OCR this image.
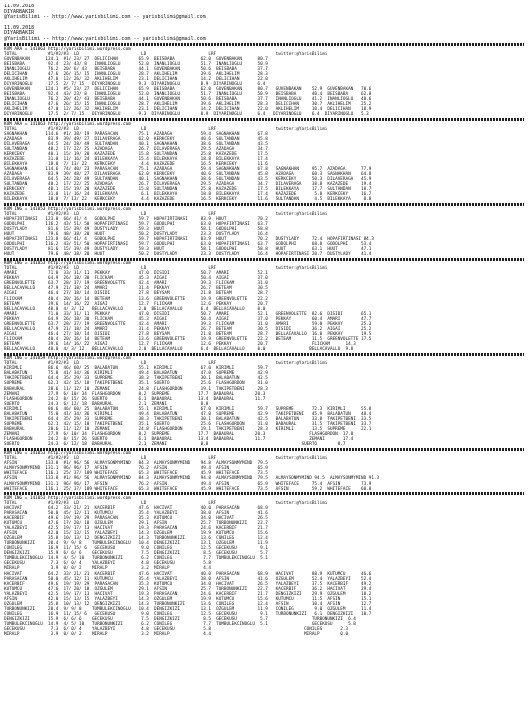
11.09.2018
DIYARBAKIR
@YarisBilimi -- http://www.yarisbilimi.com -- yarisbilimi@gmail.com
11.09.2018
DIYARBAKIR
@YarisBilimi -- http://www.yarisbilimi.com -- yarisbilimi@gmail.com
KUM ARA = 141063 http://yarisbilimi.wordpress.com
TOTAL            #1/#2/#3  LD                        LD                        LRF                       twitter:@YarisBilimi
GUVENBAKAN      124.1  #1/ 23/ 27  DELICIHAN        65.9  BEISBABA          62.0  GUVENBAKAN      80.7
BEISBABA         92.4  23/ 43/ 8   INANLIOGLU       52.0  INANLIOGLU        51.7  INANLIOGLU      50.9
INANLIOGLU       76.2  20/ 6/ 43   BEISBABA         44.1  GUVENBAKAN        50.6  BEISBABA        37.7
DELICIHAN        47.6  26/ 15/ 15  INANLIOGLU       28.7  AKLIHELIM         39.6  AKLIHELIM       28.3
AKLIHELIM        47.0  12/ 26/ 32  AKLIHELIM        23.1  DELICIHAN         14.2  DELICIHAN       22.0
DIYARINOGLU      17.5  2/ 7/ 15   DIYARINOGLU       9.3  DIYARINOGLU        8.9  DIYARINOGLU      6.4
GUVENBAKAN      124.1  #5/ 23/ 27  DELICIHAN        65.9  BEISBABA          62.0  GUVENBAKAN      80.7   GUVENBAKAN    52.9  GUVENBAKAN   78.6
BEISBABA         92.4  43/ 23/ 8   INANLIOGLU       52.0  INANLIOGLU        51.7  INANLIOGLU      50.9   BEISBABA      40.4  BEISBABA     62.8
INANLIOGLU       76.2  20/ 42/ 43  BEISBABA         44.1  GUVENBAKAN        50.6  BEISBABA        37.7   INANLIOGLU    41.2  INANLIOGLU   40.6
DELICIHAN        47.6  26/ 15/ 15  INANLIOGLU       28.7  AKLIHELIM         39.6  AKLIHELIM       28.3   DELICIHAN     30.7  AKLIHELIM    25.2
AKLIHELIM        47.0  12/ 26/ 32  AKLIHELIM        23.1  DELICIHAN         14.2  DELICIHAN       22.0   AKLIHELIM     10.4  DELICIHAN    18.9
DIYARINOGLU      17.5  2/ 7/ 15   DIYARINOGLU       9.3  DIYARINOGLU        8.9  DIYARINOGLU      6.4   DIYARINOGLU    6.4  DIYARINOGLU   5.3
KUM ARA = 141063 http://yarisbilimi.wordpress.com
TOTAL            #1/#2/#3  LD                        LD                        LRF                       twitter:@YarisBilimi
SAGNAKHAN       114.6  #1/ 38/ 19  PARASACAN        75.1  AZADAGA           59.4  SAGNAKHAN       67.8
AZADAGA          83.9  39/ 49/ 27  DILAVERAGA       62.0  KERKCEKY          40.6  SULTANDAN       45.8
DILAVERAGA       64.5  24/ 28/ 49  SULTANDAN        40.1  SAGNAKHAN         38.6  SULTANDAN       43.5
SULTANDAN        48.2  17/ 22/ 25  AZADAGA          26.7  DILAVERAGA        29.5  AZADAGA         34.7
KERKCEKY         40.1  15/ 19/ 20  KAZAZEDE         15.8  SULTANDAN         25.8  KAZAZEDE        17.5
KAZAZEDE         31.0  11/ 16/ 24  BILEKKAYA        15.4  BILEKKAYA         18.8  BILEKKAYA       17.4
BILEKKAYA        18.8  7/ 13/ 22   KERKCEKY          4.4  KAZAZEDE          16.5  KERKCEKY        11.6
SAGNAKHAN       114.6  74/ 40/ 23  PARASACAN        75.1  AZADAGA           59.4  SAGNAKHAN       67.8   SAGNAKHAN     95.7  AZADAGA      77.9
AZADAGA          83.9  39/ 48/ 27  DILAVERAGA       62.0  KERKCEKY          40.6  SULTANDAN       45.8   AZADAGA       60.3  SAGNAKHAN    64.8
DILAVERAGA       64.5  24/ 28/ 49  SULTANDAN        40.1  SAGNAKHAN         38.6  SULTANDAN       43.5   KERKCEKY      50.3  DILAVERAGA   45.9
SULTANDAN        48.2  17/ 22/ 25  AZADAGA          26.7  DILAVERAGA        29.5  AZADAGA         34.7   DILAVERAGA    38.8  KAZAZEDE     19.4
KERKCEKY         40.1  15/ 19/ 20  KAZAZEDE         15.8  SULTANDAN         25.8  KAZAZEDE        17.5   BILEKKAYA     17.7  SULTANDAN    18.7
KAZAZEDE         31.0  11/ 16/ 24  BILEKKAYA         6.1  BILEKKAYA         18.8  BILEKKAYA       17.4   KAZAZEDE       5.8  KERKCEKY     16.7
BILEKKAYA        18.8  7/ 13/ 22   KERKCEKY          4.4  KAZAZEDE          16.5  KERKCEKY        11.6   SULTANDAN      4.5  BILEKKAYA     0.0
KUM ING = 141053 http://yarisbilimi.wordpress.com
TOTAL            #1/#2/#3  LD                        LD                        LRF                       twitter:@YarisBilimi
HOPAFIRTINASI   123.8  66/ 41/ 4   GODOLPHI         59.7  HOPAFIRTINASI     83.9  HUUT            70.2
GODOLPHI        116.2  43/ 51/ 50  HOPAFIRTINASI    59.7  GODOLPHI          63.0  HOPAFIRTINASI   63.7
DUSTYLADY        81.6  15/ 39/ 49  DUSTYLADY        59.3  HUUT              58.1  GODOLPHI        58.8
HUUT             79.6  48/ 38/ 20  HUUT             50.2  DUSTYLADY         23.3  DUSTYLADY       16.4
HOPAFIRTINASI   123.8  66/ 41/ 4   GODOLPHI         59.7  HOPAFIRTINASI     83.9  HUUT            70.2   DUSTYLADY     72.4  HOPAFIRTINASI 84.3
GODOLPHI        116.2  43/ 51/ 50  HOPAFIRTINASI    59.7  GODOLPHI          63.0  HOPAFIRTINASI   63.7   GODOLPHI      68.8  GODOLPHI     53.4
DUSTYLADY        81.6  15/ 39/ 49  DUSTYLADY        59.3  HUUT              58.1  GODOLPHI        58.8   HUUT          63.1  HUUT         47.1
HUUT             79.6  48/ 38/ 20  HUUT             50.2  DUSTYLADY         23.3  DUSTYLADY       16.4   HOPAFIRTINASI 20.7  DUSTYLADY    41.4
KUM ING = 141053 http://yarisbilimi.wordpress.com
TOTAL            #1/#2/#3  LD                        LD                        LRF                       twitter:@YarisBilimi
AMARI            71.0  33/ 31/ 11  PEKKAY           47.0  DISIDI            50.7  AMARI           52.1
PEKKAY           64.9  26/ 18/ 30  FLICKAM          45.3  AIGAI             50.4  AIGAI           37.0
GREENVOLETTE     63.7  28/ 37/ 19  GREENVOLETTE     42.4  AMARI             39.3  FLICKAM         31.0
BELLACAVALLO     47.9  21/ 18/ 24  AMARI            31.4  PEKKAY            26.7  BETEAM          30.5
AIGAI            46.4  27/ 18/ 14  DISIDI           27.8  BEYSAM            21.8  BETEAM          28.7
FLICKAM          40.4  20/ 16/ 14  BETEAM           13.6  GREENVOLETTE      19.9  GREENVOLETTE    22.2
BETEAM           39.6  14/ 16/ 22  AIGAI            12.7  FLICKAM           12.6  PEKKAY          20.7
BELLACAVALLO     40.0  4/ 3/ 12   BELLACAVALLO      2.0  BELLACAVALLO       6.4  BELLACAVALLO     0.0
AMARI            71.0  33/ 31/ 11  PEKKAY           47.0  DISIDI            50.7  AMARI           52.1   GREENVOLETTE  82.6  DISIDI       65.1
PEKKAY           64.9  26/ 18/ 30  FLICKAM          45.3  AIGAI             50.4  AIGAI           37.0   PEKKAY        60.4  AMARI        47.7
GREENVOLETTE     63.7  28/ 37/ 19  GREENVOLETTE     42.4  AMARI             39.3  FLICKAM         31.0   AMARI         59.8  PEKKAY       25.3
BELLACAVALLO     47.9  21/ 18/ 24  AMARI            31.4  PEKKAY            26.7  BETEAM          30.5   DISIDI        36.2  AIGAI        25.2
AIGAI            46.4  27/ 18/ 14  DISIDI           27.8  BEYSAM            21.8  BETEAM          28.7   BELLACAVALLO  16.0  PEKKAY       19.5
FLICKAM          40.4  20/ 16/ 14  BETEAM           13.6  GREENVOLETTE      19.9  GREENVOLETTE    22.2   BETEAM        11.5  GREENVOLETTE 17.5
BETEAM           39.6  14/ 16/ 22  AIGAI            12.7  FLICKAM           12.6  PEKKAY          20.7                 FLICKAM      14.3
BELLACAVALLO     40.0  4/ 3/ 12   BELLACAVALLO      2.0  BELLACAVALLO       6.4  BELLACAVALLO     0.0                 BELLACAVALLO  9.8
KUM ING = 141059 http://yarisbilimi.wordpress.com
TOTAL            #1/#2/#3  LD                        LD                        LRF                       twitter:@YarisBilimi
KIRIMLI          86.6  46/ 60/ 25  BALABATUN        55.1  KIRIMLI           67.0  KIRIMLI         59.7
BALABATUN        75.0  41/ 34/ 36  KIRIMLI          49.4  BALABATUN         47.0  SUPREME         42.9
TAKIPETBENI      64.4  35/ 29/ 33  SUPREME          38.3  TAKIPETBENI       30.1  BALABATUN       42.5
SUPREME          62.1  42/ 15/ 18  TAKIPETBENI      35.1  SUERTO            25.6  FLASHGORDON     31.0
BABAURAL         28.6  11/ 12/ 10  ZEMANI           24.8  FLASHGORDON       19.1  TAKIPETBENI     28.3
ZEMANI           27.9  6/ 10/ 34  FLASHGORDON       8.2  SUPREME           17.7  BABAURAL        20.3
FLASHGORDON      24.2  8/ 15/ 26  SUERTO            6.1  BABAURAL          13.4  BABAURAL        11.7
SUERTO           24.3  6/ 12/ 18  BABAURAL          2.1  ZEMANI             8.8
KIRIMLI          86.6  46/ 60/ 25  BALABATUN        55.1  KIRIMLI           67.0  KIRIMLI         59.7   SUPREME       72.3  KIRIMLI      55.8
BALABATUN        75.0  41/ 34/ 36  KIRIMLI          49.4  BALABATUN         47.0  SUPREME         42.9   TAKIPETBENI   45.9  BALABATUN    40.4
TAKIPETBENI      64.4  35/ 29/ 33  SUPREME          38.3  TAKIPETBENI       30.1  BALABATUN       42.5   BALABATUN     33.8  TAKIPETBENI  33.5
SUPREME          62.1  42/ 15/ 18  TAKIPETBENI      35.1  SUERTO            25.6  FLASHGORDON     31.0   BABAURAL      31.5  TAKIPETBENI  33.7
BABAURAL         28.6  11/ 12/ 10  ZEMANI           24.8  FLASHGORDON       19.1  TAKIPETBENI     28.3   KIRIMLI       13.5  SUPREME      22.1
ZEMANI           27.9  6/ 10/ 34  FLASHGORDON       8.2  SUPREME           17.7  BABAURAL        20.3                 FLASHGORDON  17.8
FLASHGORDON      24.2  8/ 15/ 26  SUERTO            6.1  BABAURAL          13.4  BABAURAL        11.7                 ZEMANI       17.4
SUERTO           24.3  6/ 12/ 18  BABAURAL          2.1  ZEMANI             8.8                                    SUERTO        8.7
KUM ING = 141053 http://yarisbilimi.wordpress.com
TOTAL            #1/#2/#3  LD                        LD                        LRF                       twitter:@YarisBilimi
AFSIN           133.8  #1/ 96/ 56  ALMAYSONMYMIND   84.3  ALMAYSONMYMIND    94.8  ALMAYSONMYMIND  79.5
ALMAYSONMYMIND  131.1  96/ 96/ 17  AFSIN            76.2  AFSIN             49.4  AFSIN           65.9
WHITEFACE       116.1  25/ 37/ 109 WHITEFACE        65.3  WHITEFACE         45.9  WHITEFACE       73.5
AFSIN           133.8  #1/ 96/ 56  ALMAYSONMYMIND   84.3  ALMAYSONMYMIND    94.8  ALMAYSONMYMIND  79.5   ALMAYSONMYMIND 94.5  ALMAYSONMYMIND 91.3
ALMAYSONMYMIND  131.1  96/ 96/ 17  AFSIN            76.2  AFSIN             49.4  AFSIN           65.9   WHITEFACE     75.4  AFSIN        73.9
WHITEFACE       116.1  25/ 37/ 109 WHITEFACE        65.3  WHITEFACE         45.9  WHITEFACE       73.5   AFSIN         59.2  WHITEFACE    60.8
KUM ING = 141053 http://yarisbilimi.wordpress.com
TOTAL            #1/#2/#3  LD                        LD                        LRF                       twitter:@YarisBilimi
HACIVAT          64.2  33/ 21/ 21  KACERBIF         47.6  HACIVAT           40.0  PARASACAN       68.9
PARASACAN        50.0  45/ 12/ 11  KUTUMCU          35.4  YALAZBEYI         38.0  AFSIN           41.6
KACERBIF         49.6  19/ 19/ 29  PARASACAN        35.3  KUTUMCU           34.0  HACIVAT         26.5
KUTUMCU          47.6  17/ 20/ 18  OZGULEM          29.1  AFSIN             25.7  TURBONUNKIZI    22.7
YALAZBEYI        42.5  19/ 17/ 13  HACIVAT          19.3  PARASACAN         24.6  KACERBIF        21.7
AFSIN            42.0  15/ 13/ 15  YALAZBEYI        14.3  OZGULEM           19.9  KUTUMCU         15.6
OZGULEM          35.8  10/ 13/ 12  DENGIZKIZI       14.3  TURBONUNKIZI      13.6  CONILEG         12.4
TURBONUNKIZI     20.4  9/ 9/ 8    TUMBULEKCINOGLU   10.4  DENGIZKIZI        13.1  OZGULEM         11.9
CONILEG          16.9  11/ 15/ 6   GECEKUSU          9.0  CONILEG           12.5  GECEKUSU         9.1
DENGIZKIZI       15.9  6/ 6/ 6    GECEKUSU           7.5  DENGIZKIZI         8.5  GECEKUSU         5.7
TUMBULEKCINOGLU  14.9  4/ 5/ 10   TURBONUNKIZI       6.2  CONILEG            7.7  TUMBULEKCINOGLU  5.1
GECEKUSU          7.3  6/ 0/ 4    YALAZBEYI          4.8  GECEKUSU           5.8
MIRALP            3.9  0/ 0/ 2    MIRALP             3.2  MIRALP             4.4
HACIVAT          64.2  33/ 21/ 21  KACERBIF         47.6  HACIVAT           40.0  PARASACAN       68.9   HACIVAT       88.9  KUTUMCU      46.6
PARASACAN        50.0  45/ 12/ 11  KUTUMCU          35.4  YALAZBEYI         38.0  AFSIN           41.6   OZGULEM       52.4  YALAZBEYI    52.4
KACERBIF         49.6  19/ 19/ 29  PARASACAN        35.3  KUTUMCU           34.0  HACIVAT         26.5   YALAZBEYI     37.5  KACERBIF     49.2
KUTUMCU          47.6  17/ 20/ 18  OZGULEM          29.1  AFSIN             25.7  TURBONUNKIZI    22.7   KACERBIF      36.2  HACIVAT      29.4
YALAZBEYI        42.5  19/ 17/ 13  HACIVAT          19.3  PARASACAN         24.6  KACERBIF        21.7   DENGIZKIZI    29.9  OZGULEM      18.2
AFSIN            42.0  15/ 13/ 15  YALAZBEYI        14.3  OZGULEM           19.9  KUTUMCU         15.6   KUTUMCU       11.5  AFSIN        15.1
OZGULEM          35.8  10/ 13/ 12  DENGIZKIZI       14.3  TURBONUNKIZI      13.6  CONILEG         12.4   AFSIN         10.4  AFSIN        12.7
TURBONUNKIZI     20.4  9/ 9/ 8    TUMBULEKCINOGLU   10.4  DENGIZKIZI        13.1  OZGULEM         11.9   CONILEG        9.0  OZGULEM      11.4
CONILEG          16.9  11/ 15/ 6   GECEKUSU          9.0  CONILEG           12.5  GECEKUSU         9.1   TURBONUNKIZI   6.1  DENGIZKIZI   10.7
DENGIZKIZI       15.9  6/ 6/ 6    GECEKUSU           7.5  DENGIZKIZI         8.5  GECEKUSU         5.7                 TURBONUNKIZI  6.4
TUMBULEKCINOGLU  14.9  4/ 5/ 10   TURBONUNKIZI       6.2  CONILEG            7.7  TUMBULEKCINOGLU  5.1                 GECEKUSU      5.8
GECEKUSU          7.3  6/ 0/ 4    YALAZBEYI          4.8  GECEKUSU           5.8                                    CONILEG       2.3
MIRALP            3.9  0/ 0/ 2    MIRALP             3.2  MIRALP             4.4                                    MIRALP        0.0
